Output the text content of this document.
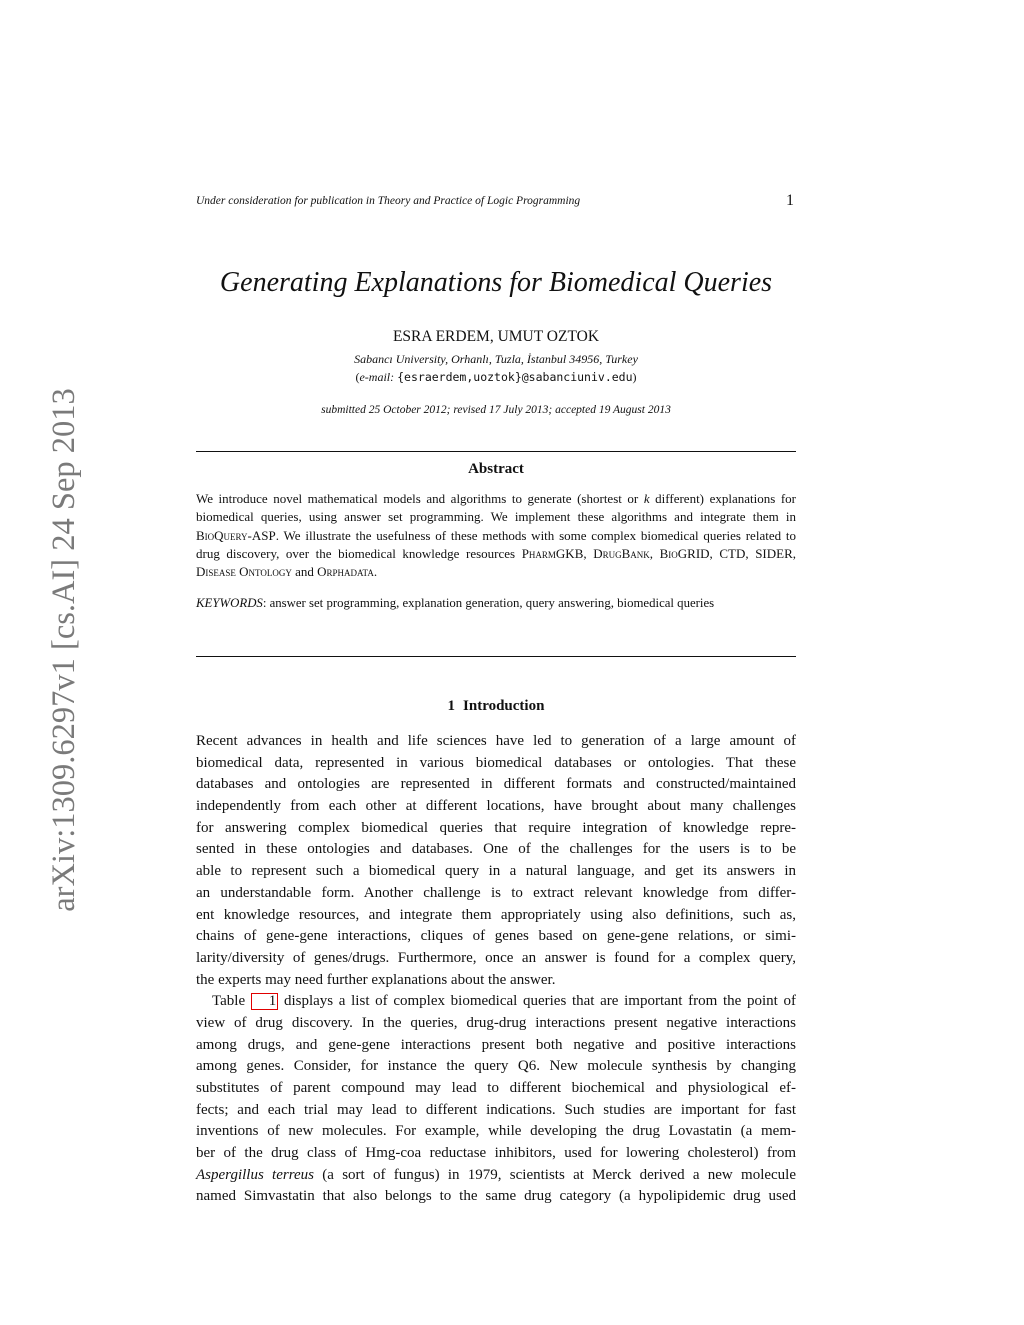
Under consideration for publication in Theory and Practice of Logic Programming	1
arXiv:1309.6297v1 [cs.AI] 24 Sep 2013
Generating Explanations for Biomedical Queries
ESRA ERDEM, UMUT OZTOK
Sabancı University, Orhanlı, Tuzla, İstanbul 34956, Turkey
(e-mail: {esraerdem,uoztok}@sabanciuniv.edu)
submitted 25 October 2012; revised 17 July 2013; accepted 19 August 2013
Abstract
We introduce novel mathematical models and algorithms to generate (shortest or k different) explanations for biomedical queries, using answer set programming. We implement these algorithms and integrate them in BioQuery-ASP. We illustrate the usefulness of these methods with some complex biomedical queries related to drug discovery, over the biomedical knowledge resources PharmGKB, DrugBank, BioGRID, CTD, SIDER, Disease Ontology and Orphadata.
KEYWORDS: answer set programming, explanation generation, query answering, biomedical queries
1 Introduction
Recent advances in health and life sciences have led to generation of a large amount of
biomedical data, represented in various biomedical databases or ontologies. That these
databases and ontologies are represented in different formats and constructed/maintained
independently from each other at different locations, have brought about many challenges
for answering complex biomedical queries that require integration of knowledge repre-
sented in these ontologies and databases. One of the challenges for the users is to be
able to represent such a biomedical query in a natural language, and get its answers in
an understandable form. Another challenge is to extract relevant knowledge from differ-
ent knowledge resources, and integrate them appropriately using also definitions, such as,
chains of gene-gene interactions, cliques of genes based on gene-gene relations, or simi-
larity/diversity of genes/drugs. Furthermore, once an answer is found for a complex query,
the experts may need further explanations about the answer.
Table 1 displays a list of complex biomedical queries that are important from the point of
view of drug discovery. In the queries, drug-drug interactions present negative interactions
among drugs, and gene-gene interactions present both negative and positive interactions
among genes. Consider, for instance the query Q6. New molecule synthesis by changing
substitutes of parent compound may lead to different biochemical and physiological ef-
fects; and each trial may lead to different indications. Such studies are important for fast
inventions of new molecules. For example, while developing the drug Lovastatin (a mem-
ber of the drug class of Hmg-coa reductase inhibitors, used for lowering cholesterol) from
Aspergillus terreus (a sort of fungus) in 1979, scientists at Merck derived a new molecule
named Simvastatin that also belongs to the same drug category (a hypolipidemic drug used
